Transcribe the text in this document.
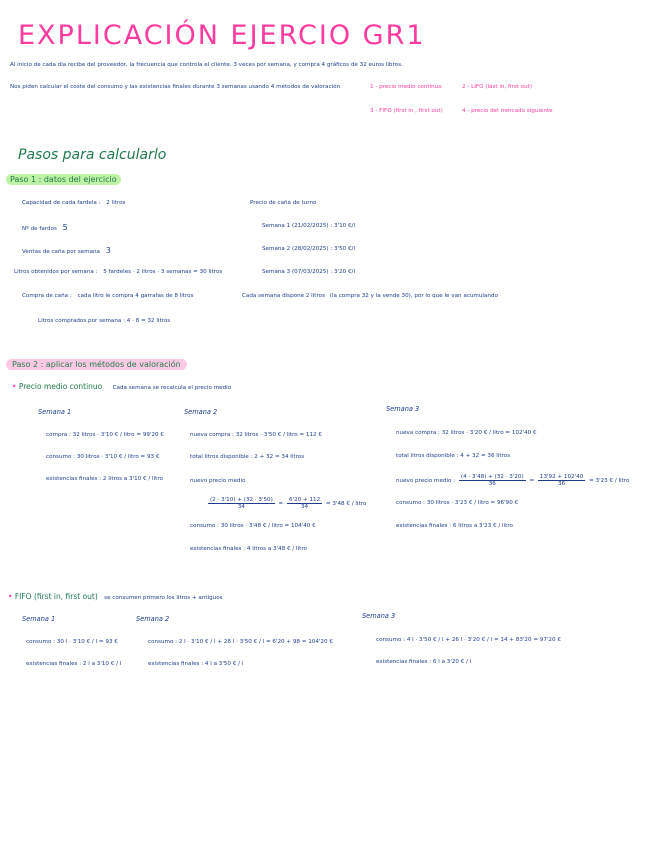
EXPLICACIÓN EJERCIO GR1
Al inicio de cada día recibe del proveedor, la frecuencia que controla el cliente. 3 veces por semana, y compra 4 gráficos de 32 euros libros.
Nos piden calcular el coste del consumo y las existencias finales durante 3 semanas usando 4 métodos de valoración	1 - precio medio continuo	2 - LIFO (last in, first out)
3 - FIFO (first in , first out)	4 - precio del mercado siguiente
Pasos para calcularlo
Paso 1 : datos del ejercicio
Capacidad de cada fardela : 2 litros
Nº de fardos 5
Ventas de caña por semana 3
Litros obtenidos por semana : 5 fardeles · 2 litros · 3 semanas = 30 litros
Compra de caña : cada litro le compra 4 garrafas de 8 litros
Litros comprados por semana : 4 · 8 = 32 litros
Precio de caña de turno
Semana 1 (21/02/2025) : 3'10 €/l
Semana 2 (28/02/2025) : 3'50 €/l
Semana 3 (07/03/2025) : 3'20 €/l
Cada semana dispone 2 litros (la compra 32 y la vende 30), por lo que le van acumulando
Paso 2 : aplicar los métodos de valoración
• Precio medio continuo Cada semana se recalcula el precio medio
Semana 1
compra : 32 litros · 3'10 € / litro = 99'20 €
consumo : 30 litros · 3'10 € / litro = 93 €
existencias finales : 2 litros a 3'10 € / litro
Semana 2
nueva compra : 32 litros · 3'50 € / litro = 112 €
total litros disponible : 2 + 32 = 34 litros
nuevo precio medio
$\frac{(2 \cdot 3'10) + (32 \cdot 3'50)}{34} = \frac{6'20 + 112}{34} = 3'48$ € / litro
consumo : 30 litros · 3'48 € / litro = 104'40 €
existencias finales : 4 litros a 3'48 € / litro
Semana 3
nueva compra : 32 litros · 3'20 € / litro = 102'40 €
total litros disponible : 4 + 32 = 36 litros
nuevo precio medio : $\frac{(4 \cdot 3'48) + (32 \cdot 3'20)}{36} = \frac{13'92 + 102'40}{36} = 3'23$ € / litro
consumo : 30 litros · 3'23 € / litro = 96'90 €
existencias finales : 6 litros a 3'23 € / litro
• FIFO (first in, first out) se consumen primero los litros + antiguos
Semana 1
consumo : 30 l · 3'10 € / l = 93 €
existencias finales : 2 l a 3'10 € / l
Semana 2
consumo : 2 l · 3'10 € / l + 28 l · 3'50 € / l = 6'20 + 98 = 104'20 €
existencias finales : 4 l a 3'50 € / l
Semana 3
consumo : 4 l · 3'50 € / l + 26 l · 3'20 € / l = 14 + 83'20 = 97'20 €
existencias finales : 6 l a 3'20 € / l
